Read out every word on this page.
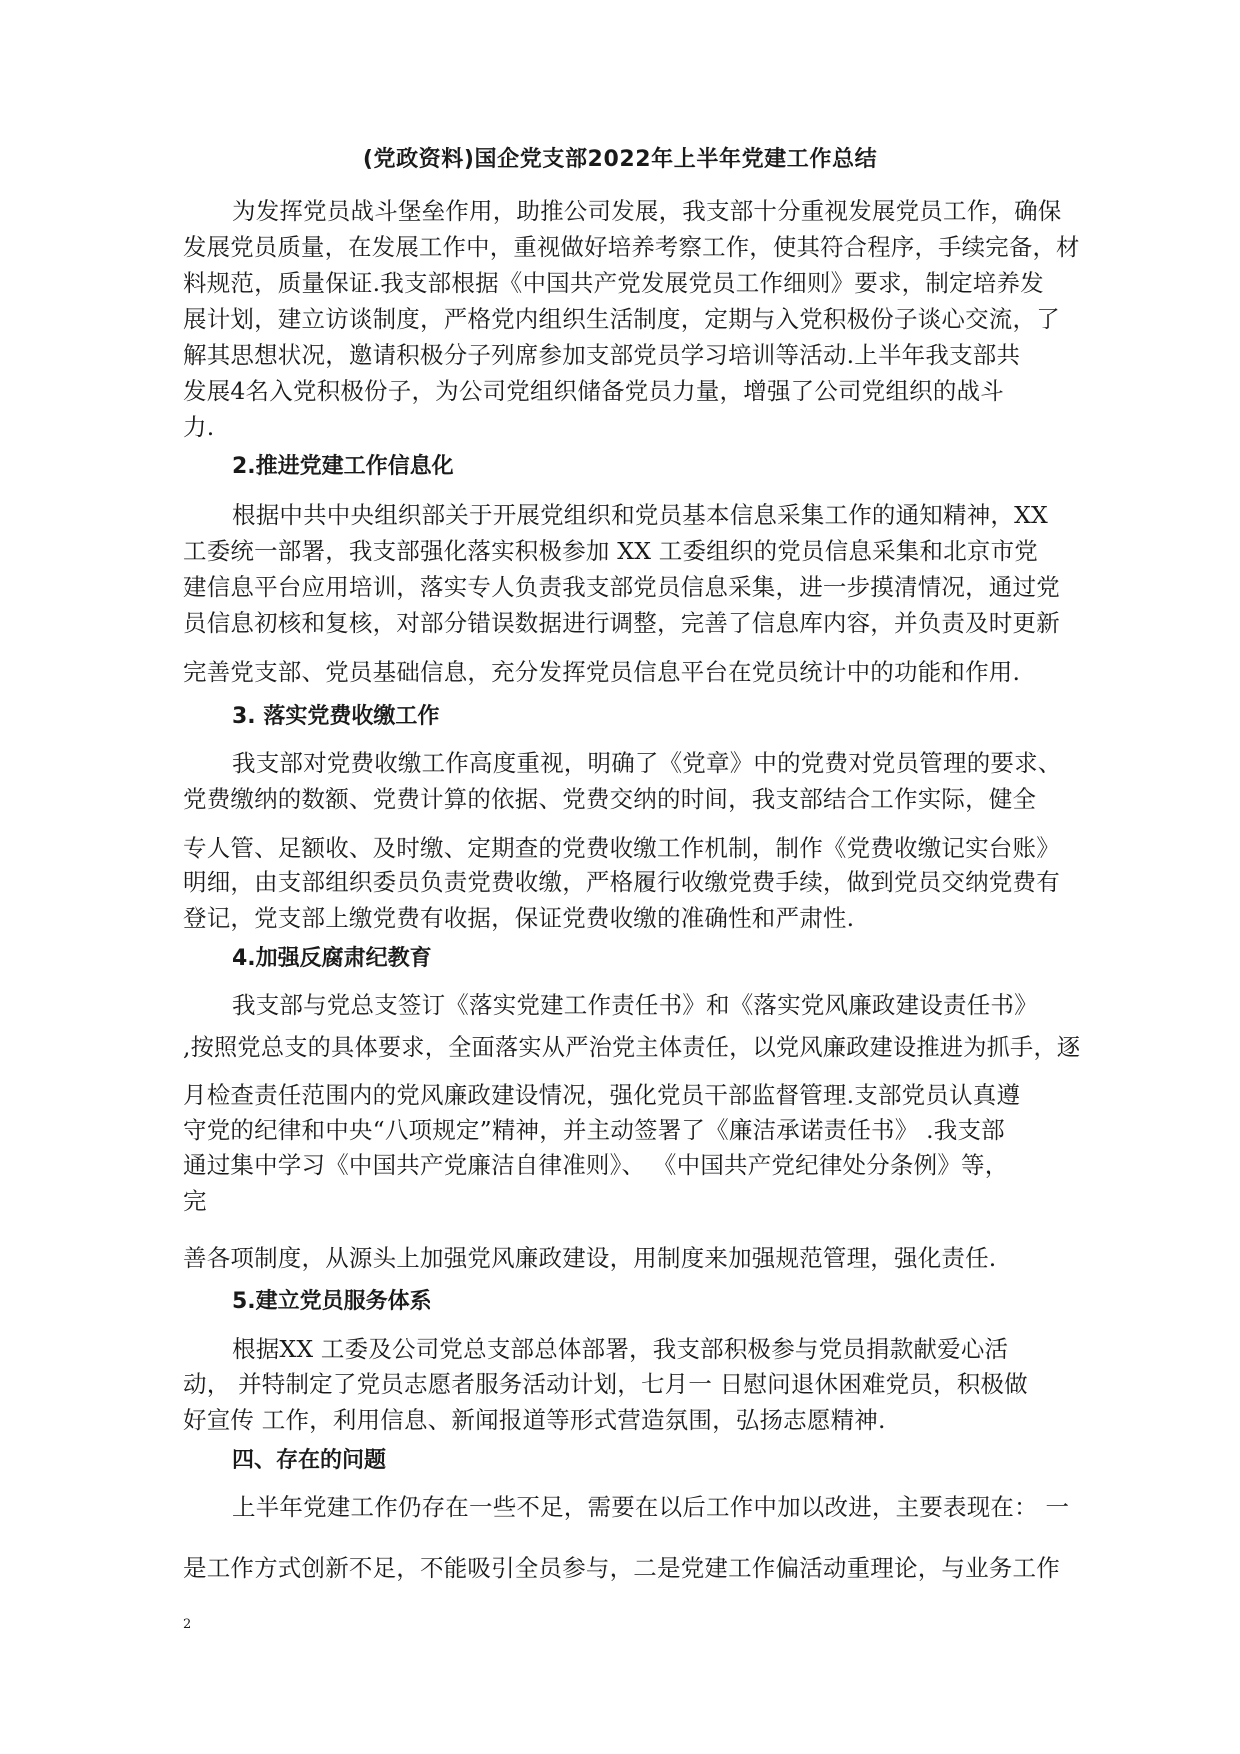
(党政资料)国企党支部2022年上半年党建工作总结
为发挥党员战斗堡垒作用，助推公司发展，我支部十分重视发展党员工作，确保
发展党员质量，在发展工作中，重视做好培养考察工作，使其符合程序，手续完备，材
料规范，质量保证.我支部根据《中国共产党发展党员工作细则》要求，制定培养发
展计划，建立访谈制度，严格党内组织生活制度，定期与入党积极份子谈心交流，了
解其思想状况，邀请积极分子列席参加支部党员学习培训等活动.上半年我支部共
发展4名入党积极份子，为公司党组织储备党员力量，增强了公司党组织的战斗
力.
2.推进党建工作信息化
根据中共中央组织部关于开展党组织和党员基本信息采集工作的通知精神，XX
工委统一部署，我支部强化落实积极参加 XX 工委组织的党员信息采集和北京市党
建信息平台应用培训，落实专人负责我支部党员信息采集，进一步摸清情况，通过党
员信息初核和复核，对部分错误数据进行调整，完善了信息库内容，并负责及时更新
完善党支部、党员基础信息，充分发挥党员信息平台在党员统计中的功能和作用.
3. 落实党费收缴工作
我支部对党费收缴工作高度重视，明确了《党章》中的党费对党员管理的要求、
党费缴纳的数额、党费计算的依据、党费交纳的时间，我支部结合工作实际，健全
专人管、足额收、及时缴、定期查的党费收缴工作机制，制作《党费收缴记实台账》
明细，由支部组织委员负责党费收缴，严格履行收缴党费手续，做到党员交纳党费有
登记，党支部上缴党费有收据，保证党费收缴的准确性和严肃性.
4.加强反腐肃纪教育
我支部与党总支签订《落实党建工作责任书》和《落实党风廉政建设责任书》
,按照党总支的具体要求，全面落实从严治党主体责任，以党风廉政建设推进为抓手，逐
月检查责任范围内的党风廉政建设情况，强化党员干部监督管理.支部党员认真遵
守党的纪律和中央“八项规定”精神，并主动签署了《廉洁承诺责任书》 .我支部
通过集中学习《中国共产党廉洁自律准则》、 《中国共产党纪律处分条例》等，
完
善各项制度，从源头上加强党风廉政建设，用制度来加强规范管理，强化责任.
5.建立党员服务体系
根据XX 工委及公司党总支部总体部署，我支部积极参与党员捐款献爱心活
动， 并特制定了党员志愿者服务活动计划，七月一 日慰问退休困难党员，积极做
好宣传 工作，利用信息、新闻报道等形式营造氛围，弘扬志愿精神.
四、存在的问题
上半年党建工作仍存在一些不足，需要在以后工作中加以改进，主要表现在： 一
是工作方式创新不足，不能吸引全员参与，二是党建工作偏活动重理论，与业务工作
2
